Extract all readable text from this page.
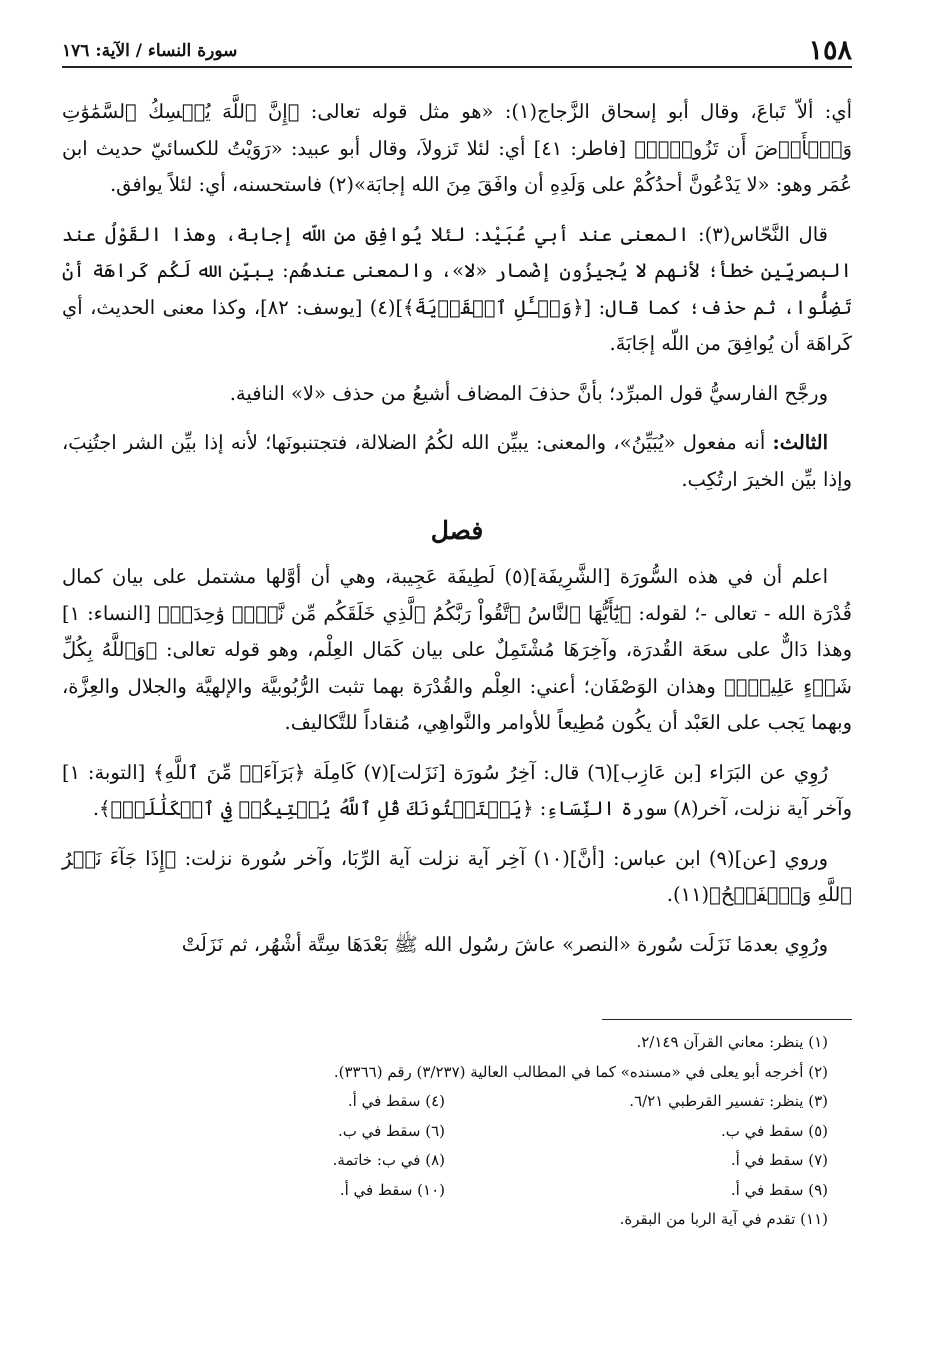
١٥٨
سورة النساء / الآية: ١٧٦

أي: ألاّ تَباعَ، وقال أبو إسحاق الزَّجاج(١): «هو مثل قوله تعالى: ﴿إِنَّ ٱللَّهَ يُمۡسِكُ ٱلسَّمَٰوَٰتِ وَٱلۡأَرۡضَ أَن تَزُولَاۚ﴾ [فاطر: ٤١] أي: لئلا تَزولاَ، وقال أبو عبيد: «رَوَيْتُ للكسائيّ حديث ابن عُمَر وهو: «لا يَدْعُونَّ أحدُكُمْ على وَلَدِهِ أن وافَقَ مِنَ الله إجابَة»(٢) فاستحسنه، أي: لئلاً يوافق.

قال النَّحّاس(٣): المعنى عند أبي عُبَيْد: لئلا يُوافِق من اللّه إجابة، وهذا القَوْلُ عند البصريِّين خطأ؛ لأنهم لا يُجيزُون إضْمار «لا»، والمعنى عندهُم: يبيِّن الله لَكُم كَراهَة أنْ تَضِلُّوا، ثم حذف؛ كما قال: [﴿وَسۡـَٔلِ ٱلۡقَرۡيَةَ﴾](٤) [يوسف: ٨٢]، وكذا معنى الحديث، أي كَراهَة أن يُوافِقَ من اللّه إجَابَةَ.

ورجَّح الفارسيُّ قول المبرِّد؛ بأنَّ حذفَ المضاف أشيعُ من حذف «لا» النافية.

الثالث: أنه مفعول «يُبَيِّنُ»، والمعنى: يبيِّن الله لكُمُ الضلالة، فتجتنبونَها؛ لأنه إذا بيِّن الشر اجتُنِبَ، وإذا بيِّن الخيرَ ارتُكِب.

فصل

اعلم أن في هذه السُّورَة [الشَّرِيفَة](٥) لَطِيفَة عَجِيبة، وهي أن أوَّلها مشتمل على بيان كمال قُدْرَة الله - تعالى -؛ لقوله: ﴿يَٰٓأَيُّهَا ٱلنَّاسُ ٱتَّقُواْ رَبَّكُمُ ٱلَّذِي خَلَقَكُم مِّن نَّفۡسٖ وَٰحِدَةٖ﴾ [النساء: ١] وهذا دَالٌّ على سعَة القُدرَة، وآخِرَهَا مُشْتَمِلٌ على بيان كَمَال العِلْم، وهو قوله تعالى: ﴿وَٱللَّهُ بِكُلِّ شَيۡءٍ عَلِيمُۢ﴾ وهذان الوَصْفَان؛ أعني: العِلْم والقُدْرَة بهما تثبت الرُّبُوبيَّة والإلهيَّة والجلال والعِزَّة، وبهما يَجب على العَبْد أن يكُون مُطِيعاً للأوامر والنَّواهِي، مُنقاداً للتَّكاليف.

رُوِي عن البَرَاء [بن عَازِب](٦) قال: آخِرُ سُورَة [نَزَلت](٧) كَامِلَة ﴿بَرَآءَةٞ مِّنَ ٱللَّهِ﴾ [التوبة: ١] وآخر آية نزلت، آخر(٨) سورة النِّسَاءِ: ﴿يَسۡتَفۡتُونَكَ قُلِ ٱللَّهُ يُفۡتِيكُمۡ فِي ٱلۡكَلَٰلَةِۚ﴾.

وروي [عن](٩) ابن عباس: [أنَّ](١٠) آخِر آية نزلت آية الرِّبَا، وآخر سُورة نزلت: ﴿إِذَا جَآءَ نَصۡرُ ٱللَّهِ وَٱلۡفَتۡحُ﴾(١١).

ورُوِي بعدمَا نَزَلَت سُورة «النصر» عاشَ رسُول الله ﷺ بَعْدَهَا سِتَّة أشْهُر، ثم نَزَلَتْ

(١) ينظر: معاني القرآن ٢/١٤٩.
(٢) أخرجه أبو يعلى في «مسنده» كما في المطالب العالية (٣/٢٣٧) رقم (٣٣٦٦).
(٣) ينظر: تفسير القرطبي ٦/٢١.
(٤) سقط في أ.
(٥) سقط في ب.
(٦) سقط في ب.
(٧) سقط في أ.
(٨) في ب: خاتمة.
(٩) سقط في أ.
(١٠) سقط في أ.
(١١) تقدم في آية الربا من البقرة.
